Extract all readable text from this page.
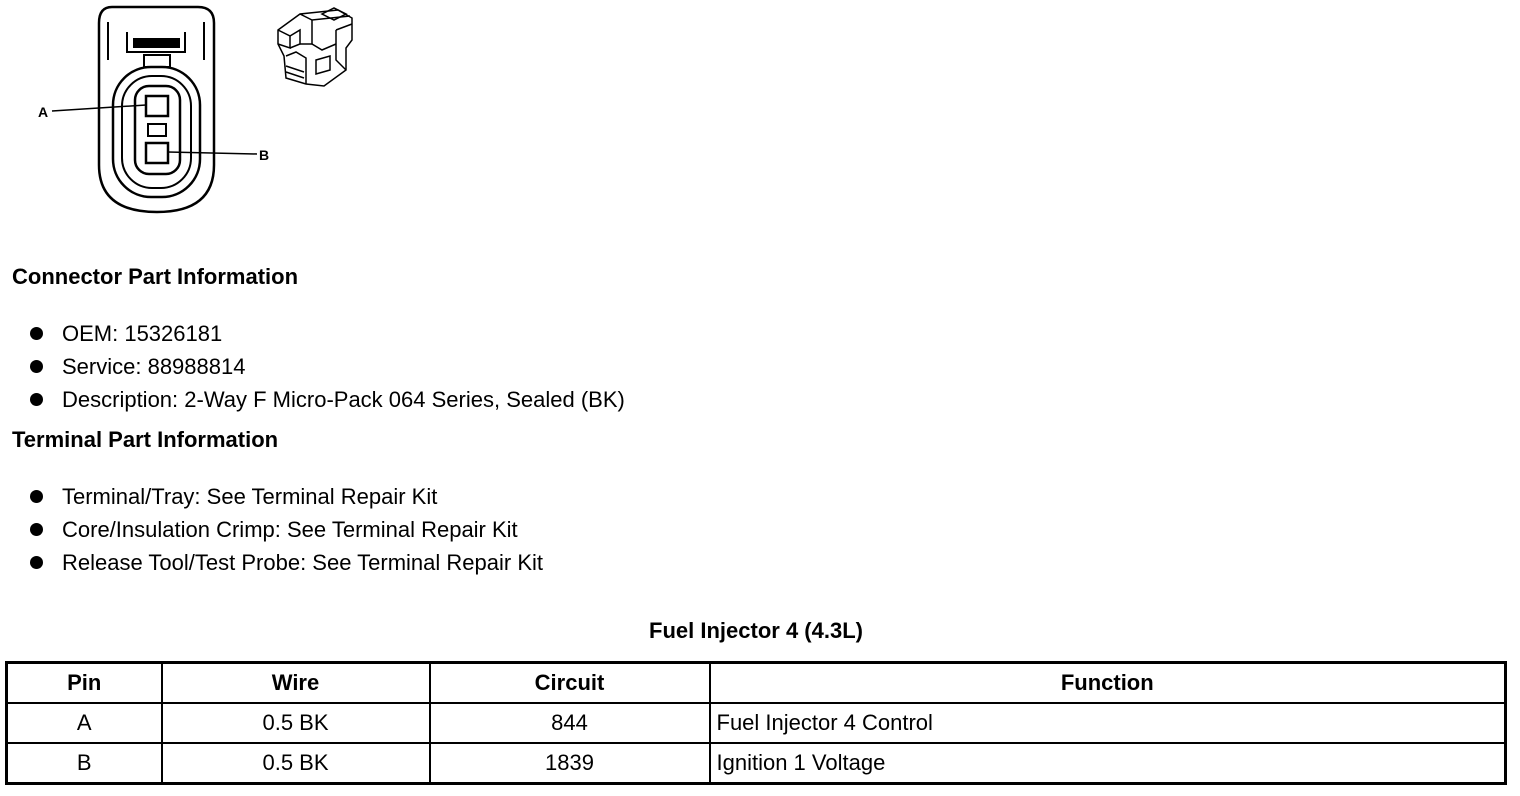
A
B
Connector Part Information
OEM: 15326181
Service: 88988814
Description: 2-Way F Micro-Pack 064 Series, Sealed (BK)
Terminal Part Information
Terminal/Tray: See Terminal Repair Kit
Core/Insulation Crimp: See Terminal Repair Kit
Release Tool/Test Probe: See Terminal Repair Kit
Fuel Injector 4 (4.3L)
Pin	Wire	Circuit	Function
A	0.5 BK	844	Fuel Injector 4 Control
B	0.5 BK	1839	Ignition 1 Voltage
